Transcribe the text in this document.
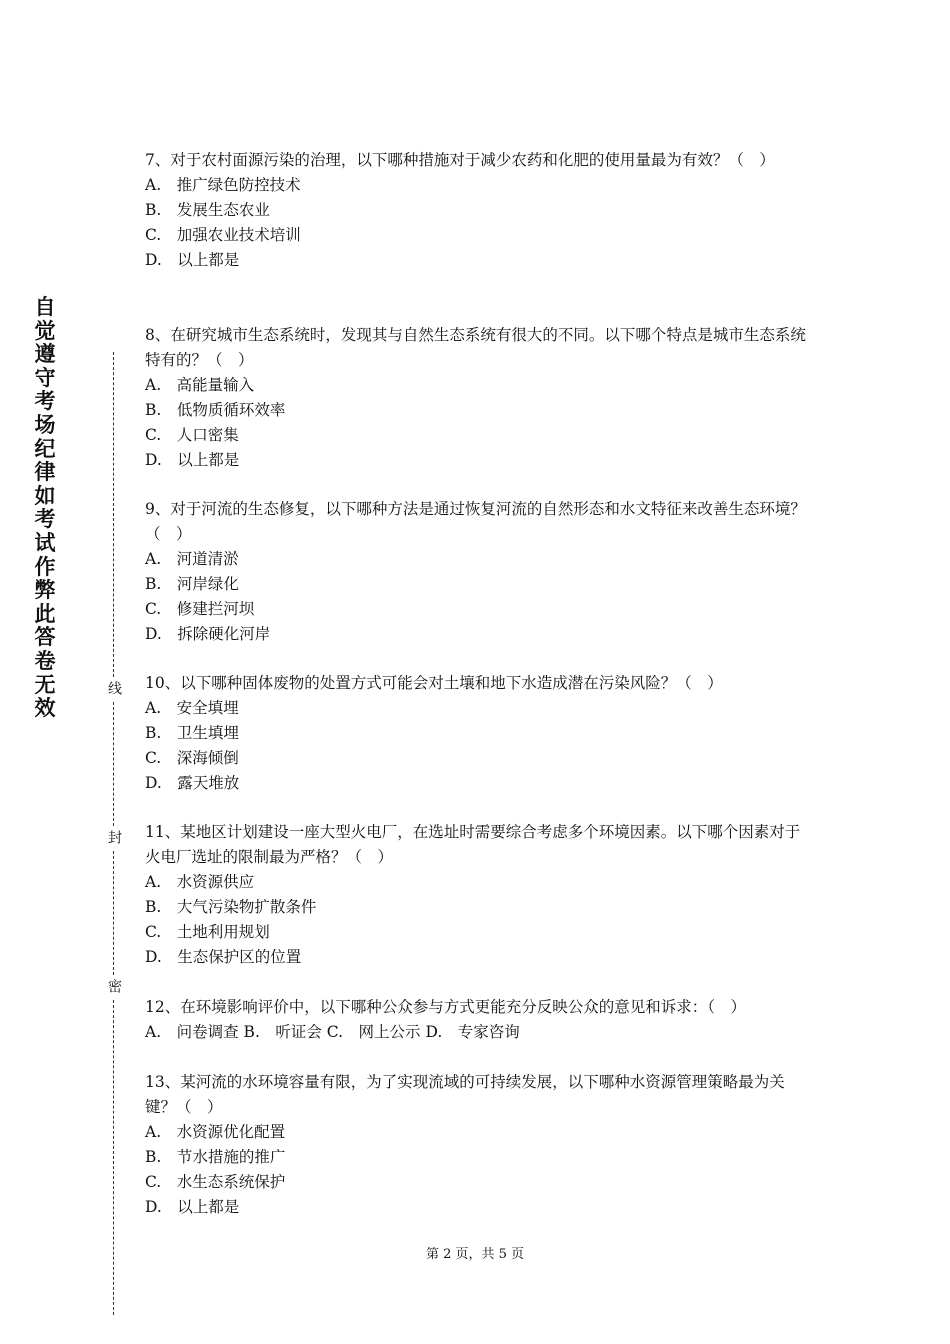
自觉遵守考场纪律如考试作弊此答卷无效
线
封
密
7、对于农村面源污染的治理，以下哪种措施对于减少农药和化肥的使用量最为有效？（　）
A.　推广绿色防控技术
B.　发展生态农业
C.　加强农业技术培训
D.　以上都是
8、在研究城市生态系统时，发现其与自然生态系统有很大的不同。以下哪个特点是城市生态系统特有的？（　）
A.　高能量输入
B.　低物质循环效率
C.　人口密集
D.　以上都是
9、对于河流的生态修复，以下哪种方法是通过恢复河流的自然形态和水文特征来改善生态环境？（　）
A.　河道清淤
B.　河岸绿化
C.　修建拦河坝
D.　拆除硬化河岸
10、以下哪种固体废物的处置方式可能会对土壤和地下水造成潜在污染风险？（　）
A.　安全填埋
B.　卫生填埋
C.　深海倾倒
D.　露天堆放
11、某地区计划建设一座大型火电厂，在选址时需要综合考虑多个环境因素。以下哪个因素对于火电厂选址的限制最为严格？（　）
A.　水资源供应
B.　大气污染物扩散条件
C.　土地利用规划
D.　生态保护区的位置
12、在环境影响评价中，以下哪种公众参与方式更能充分反映公众的意见和诉求：（　）
A.　问卷调查 B.　听证会 C.　网上公示 D.　专家咨询
13、某河流的水环境容量有限，为了实现流域的可持续发展，以下哪种水资源管理策略最为关键？（　）
A.　水资源优化配置
B.　节水措施的推广
C.　水生态系统保护
D.　以上都是
第 2 页，共 5 页
